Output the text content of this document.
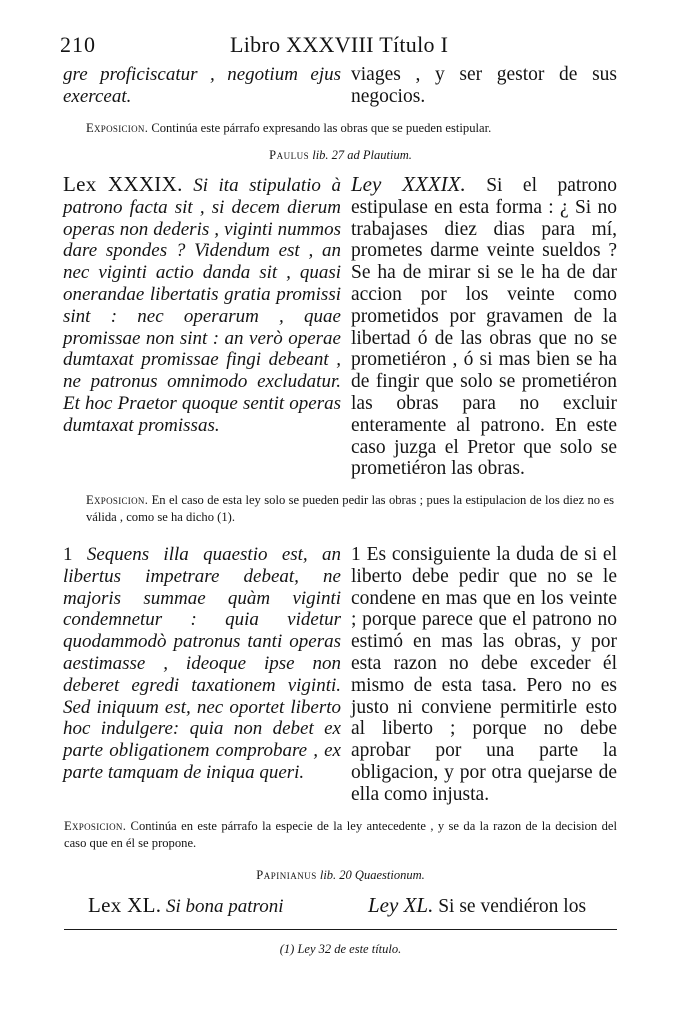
210	Libro XXXVIII Título I
gre proficiscatur , negotium ejus exerceat.
viages , y ser gestor de sus negocios.
Exposicion. Continúa este párrafo expresando las obras que se pueden estipular.
Paulus lib. 27 ad Plautium.
Lex XXXIX. Si ita stipulatio à patrono facta sit , si decem dierum operas non dederis , viginti nummos dare spondes ? Videndum est , an nec viginti actio danda sit , quasi onerandae libertatis gratia promissi sint : nec operarum , quae promissae non sint : an verò operae dumtaxat promissae fingi debeant , ne patronus omnimodo excludatur. Et hoc Praetor quoque sentit operas dumtaxat promissas.
Ley XXXIX. Si el patrono estipulase en esta forma : ¿ Si no trabajases diez dias para mí, prometes darme veinte sueldos ? Se ha de mirar si se le ha de dar accion por los veinte como prometidos por gravamen de la libertad ó de las obras que no se prometiéron , ó si mas bien se ha de fingir que solo se prometiéron las obras para no excluir enteramente al patrono. En este caso juzga el Pretor que solo se prometiéron las obras.
Exposicion. En el caso de esta ley solo se pueden pedir las obras ; pues la estipulacion de los diez no es válida , como se ha dicho (1).
1 Sequens illa quaestio est, an libertus impetrare debeat, ne majoris summae quàm viginti condemnetur : quia videtur quodammodò patronus tanti operas aestimasse , ideoque ipse non deberet egredi taxationem viginti. Sed iniquum est, nec oportet liberto hoc indulgere: quia non debet ex parte obligationem comprobare , ex parte tamquam de iniqua queri.
1 Es consiguiente la duda de si el liberto debe pedir que no se le condene en mas que en los veinte ; porque parece que el patrono no estimó en mas las obras, y por esta razon no debe exceder él mismo de esta tasa. Pero no es justo ni conviene permitirle esto al liberto ; porque no debe aprobar por una parte la obligacion, y por otra quejarse de ella como injusta.
Exposicion. Continúa en este párrafo la especie de la ley antecedente , y se da la razon de la decision del caso que en él se propone.
Papinianus lib. 20 Quaestionum.
Lex XL. Si bona patroni	Ley XL. Si se vendiéron los
(1) Ley 32 de este título.
